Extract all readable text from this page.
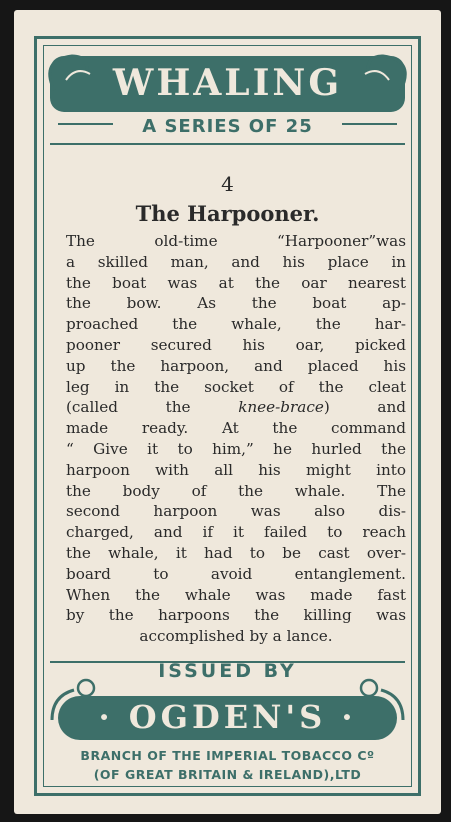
WHALING
A SERIES OF 25
4
The Harpooner.
The old-time “Harpooner”was
a skilled man, and his place in
the boat was at the oar nearest
the bow. As the boat ap-
proached the whale, the har-
pooner secured his oar, picked
up the harpoon, and placed his
leg in the socket of the cleat
(called the knee-brace) and
made ready. At the command
“ Give it to him,” he hurled the
harpoon with all his might into
the body of the whale. The
second harpoon was also dis-
charged, and if it failed to reach
the whale, it had to be cast over-
board to avoid entanglement.
When the whale was made fast
by the harpoons the killing was
accomplished by a lance.
ISSUED BY
· OGDEN'S ·
BRANCH OF THE IMPERIAL TOBACCO Cº
(OF GREAT BRITAIN & IRELAND),LTD
